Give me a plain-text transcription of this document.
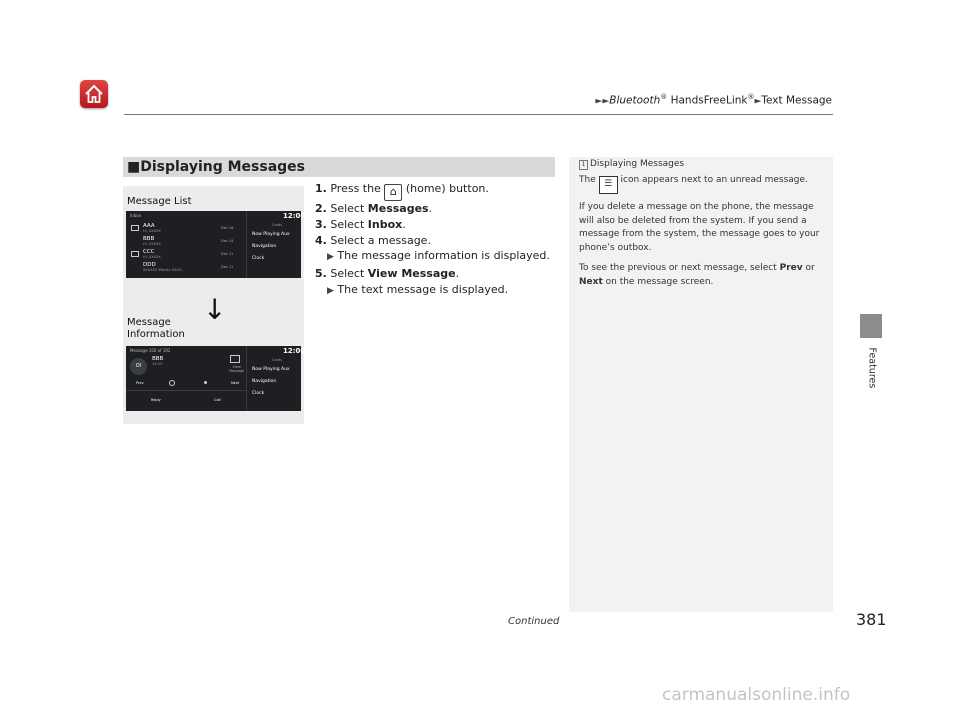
►►Bluetooth® HandsFreeLink®►Text Message
Features
■Displaying Messages
Message List
Inbox	12:00
Cards
AAA
Hi, XXXXX
Dec 16
BBB
Hi, XXXXX
Dec 14
CCC
Hi, XXXXX
Dec 11
DDD
XXXXXX Wendy XXXX...
Dec 11
Now Playing Aux
Navigation
Clock
Message
Information
Message 100 of 102	12:00
Cards
OI
BBB
14:03
View
Message
Prev	Next
Reply	Call
Now Playing Aux
Navigation
Clock
↓
1. Press the ⌂ (home) button.
2. Select Messages.
3. Select Inbox.
4. Select a message.
▶ The message information is displayed.
5. Select View Message.
▶ The text message is displayed.
1 Displaying Messages

The ☰ icon appears next to an unread message.

If you delete a message on the phone, the message will also be deleted from the system. If you send a message from the system, the message goes to your phone’s outbox.

To see the previous or next message, select Prev or Next on the message screen.

Continued	381
carmanualsonline.info
